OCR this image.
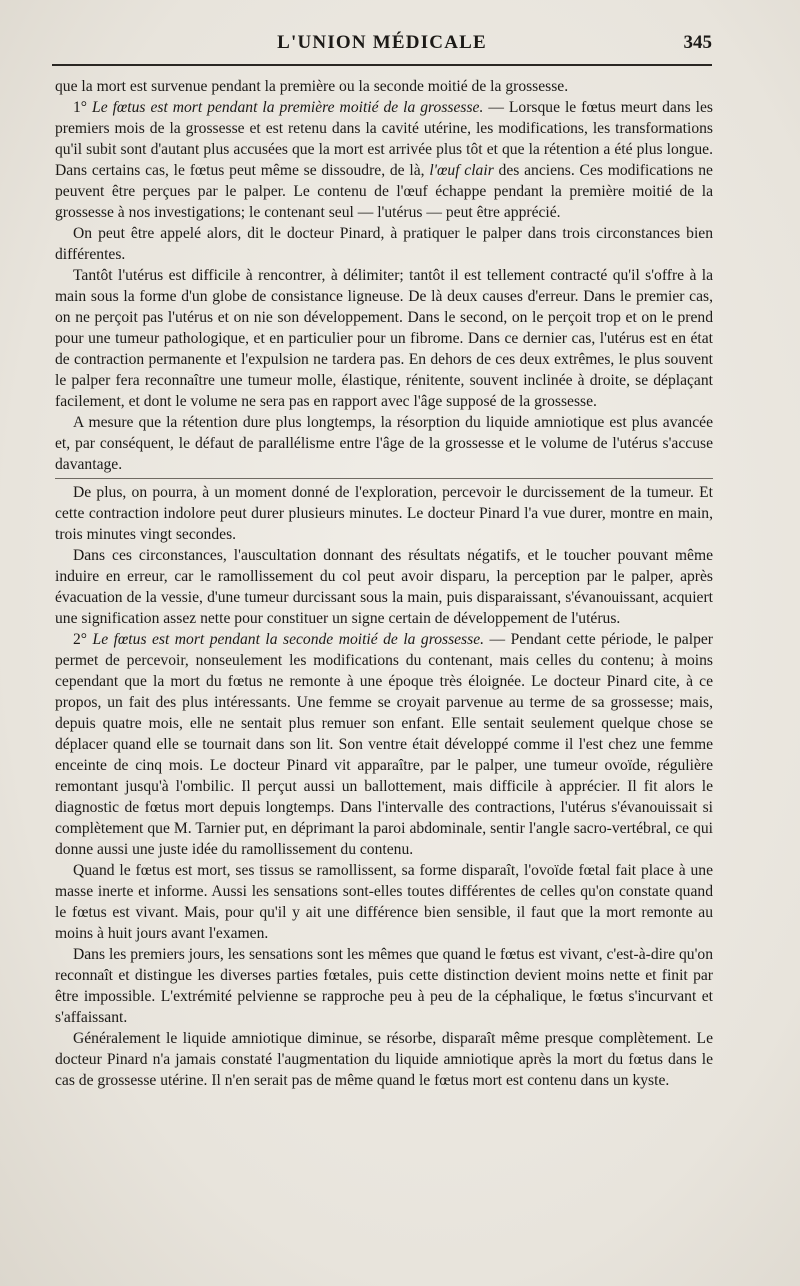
L'UNION MÉDICALE	345

que la mort est survenue pendant la première ou la seconde moitié de la grossesse.

1° Le fœtus est mort pendant la première moitié de la grossesse. — Lorsque le fœtus meurt dans les premiers mois de la grossesse et est retenu dans la cavité utérine, les modifications, les transformations qu'il subit sont d'autant plus accusées que la mort est arrivée plus tôt et que la rétention a été plus longue. Dans certains cas, le fœtus peut même se dissoudre, de là, l'œuf clair des anciens. Ces modifications ne peuvent être perçues par le palper. Le contenu de l'œuf échappe pendant la première moitié de la grossesse à nos investigations; le contenant seul — l'utérus — peut être apprécié.

On peut être appelé alors, dit le docteur Pinard, à pratiquer le palper dans trois circonstances bien différentes.

Tantôt l'utérus est difficile à rencontrer, à délimiter; tantôt il est tellement contracté qu'il s'offre à la main sous la forme d'un globe de consistance ligneuse. De là deux causes d'erreur. Dans le premier cas, on ne perçoit pas l'utérus et on nie son développement. Dans le second, on le perçoit trop et on le prend pour une tumeur pathologique, et en particulier pour un fibrome. Dans ce dernier cas, l'utérus est en état de contraction permanente et l'expulsion ne tardera pas. En dehors de ces deux extrêmes, le plus souvent le palper fera reconnaître une tumeur molle, élastique, rénitente, souvent inclinée à droite, se déplaçant facilement, et dont le volume ne sera pas en rapport avec l'âge supposé de la grossesse.

A mesure que la rétention dure plus longtemps, la résorption du liquide amniotique est plus avancée et, par conséquent, le défaut de parallélisme entre l'âge de la grossesse et le volume de l'utérus s'accuse davantage.

De plus, on pourra, à un moment donné de l'exploration, percevoir le durcissement de la tumeur. Et cette contraction indolore peut durer plusieurs minutes. Le docteur Pinard l'a vue durer, montre en main, trois minutes vingt secondes.

Dans ces circonstances, l'auscultation donnant des résultats négatifs, et le toucher pouvant même induire en erreur, car le ramollissement du col peut avoir disparu, la perception par le palper, après évacuation de la vessie, d'une tumeur durcissant sous la main, puis disparaissant, s'évanouissant, acquiert une signification assez nette pour constituer un signe certain de développement de l'utérus.

2° Le fœtus est mort pendant la seconde moitié de la grossesse. — Pendant cette période, le palper permet de percevoir, nonseulement les modifications du contenant, mais celles du contenu; à moins cependant que la mort du fœtus ne remonte à une époque très éloignée. Le docteur Pinard cite, à ce propos, un fait des plus intéressants. Une femme se croyait parvenue au terme de sa grossesse; mais, depuis quatre mois, elle ne sentait plus remuer son enfant. Elle sentait seulement quelque chose se déplacer quand elle se tournait dans son lit. Son ventre était développé comme il l'est chez une femme enceinte de cinq mois. Le docteur Pinard vit apparaître, par le palper, une tumeur ovoïde, régulière remontant jusqu'à l'ombilic. Il perçut aussi un ballottement, mais difficile à apprécier. Il fit alors le diagnostic de fœtus mort depuis longtemps. Dans l'intervalle des contractions, l'utérus s'évanouissait si complètement que M. Tarnier put, en déprimant la paroi abdominale, sentir l'angle sacro-vertébral, ce qui donne aussi une juste idée du ramollissement du contenu.

Quand le fœtus est mort, ses tissus se ramollissent, sa forme disparaît, l'ovoïde fœtal fait place à une masse inerte et informe. Aussi les sensations sont-elles toutes différentes de celles qu'on constate quand le fœtus est vivant. Mais, pour qu'il y ait une différence bien sensible, il faut que la mort remonte au moins à huit jours avant l'examen.

Dans les premiers jours, les sensations sont les mêmes que quand le fœtus est vivant, c'est-à-dire qu'on reconnaît et distingue les diverses parties fœtales, puis cette distinction devient moins nette et finit par être impossible. L'extrémité pelvienne se rapproche peu à peu de la céphalique, le fœtus s'incurvant et s'affaissant.

Généralement le liquide amniotique diminue, se résorbe, disparaît même presque complètement. Le docteur Pinard n'a jamais constaté l'augmentation du liquide amniotique après la mort du fœtus dans le cas de grossesse utérine. Il n'en serait pas de même quand le fœtus mort est contenu dans un kyste.
